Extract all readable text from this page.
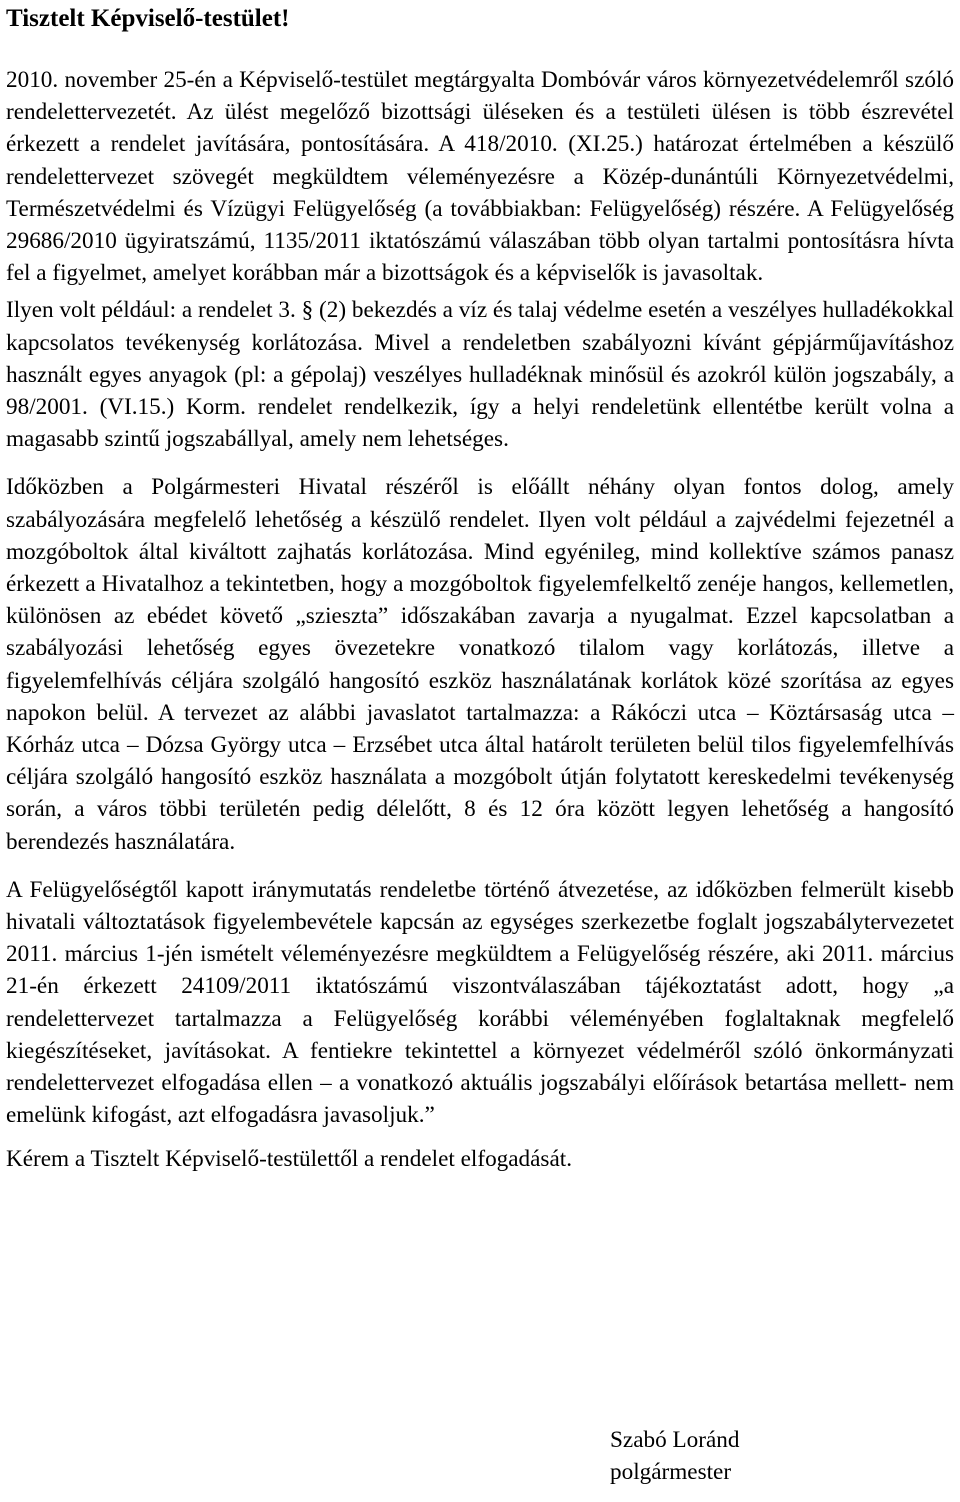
Tisztelt Képviselő-testület!

2010. november 25-én a Képviselő-testület megtárgyalta Dombóvár város környezetvédelemről szóló rendelettervezetét. Az ülést megelőző bizottsági üléseken és a testületi ülésen is több észrevétel érkezett a rendelet javítására, pontosítására. A 418/2010. (XI.25.) határozat értelmében a készülő rendelettervezet szövegét megküldtem véleményezésre a Közép-dunántúli Környezetvédelmi, Természetvédelmi és Vízügyi Felügyelőség (a továbbiakban: Felügyelőség) részére. A Felügyelőség 29686/2010 ügyiratszámú, 1135/2011 iktatószámú válaszában több olyan tartalmi pontosításra hívta fel a figyelmet, amelyet korábban már a bizottságok és a képviselők is javasoltak.

Ilyen volt például: a rendelet 3. § (2) bekezdés a víz és talaj védelme esetén a veszélyes hulladékokkal kapcsolatos tevékenység korlátozása. Mivel a rendeletben szabályozni kívánt gépjárműjavításhoz használt egyes anyagok (pl: a gépolaj) veszélyes hulladéknak minősül és azokról külön jogszabály, a 98/2001. (VI.15.) Korm. rendelet rendelkezik, így a helyi rendeletünk ellentétbe került volna a magasabb szintű jogszabállyal, amely nem lehetséges.

Időközben a Polgármesteri Hivatal részéről is előállt néhány olyan fontos dolog, amely szabályozására megfelelő lehetőség a készülő rendelet. Ilyen volt például a zajvédelmi fejezetnél a mozgóboltok által kiváltott zajhatás korlátozása. Mind egyénileg, mind kollektíve számos panasz érkezett a Hivatalhoz a tekintetben, hogy a mozgóboltok figyelemfelkeltő zenéje hangos, kellemetlen, különösen az ebédet követő „sziesztа” időszakában zavarja a nyugalmat. Ezzel kapcsolatban a szabályozási lehetőség egyes övezetekre vonatkozó tilalom vagy korlátozás, illetve a figyelemfelhívás céljára szolgáló hangosító eszköz használatának korlátok közé szorítása az egyes napokon belül. A tervezet az alábbi javaslatot tartalmazza: a Rákóczi utca – Köztársaság utca – Kórház utca – Dózsa György utca – Erzsébet utca által határolt területen belül tilos figyelemfelhívás céljára szolgáló hangosító eszköz használata a mozgóbolt útján folytatott kereskedelmi tevékenység során, a város többi területén pedig délelőtt, 8 és 12 óra között legyen lehetőség a hangosító berendezés használatára.

A Felügyelőségtől kapott iránymutatás rendeletbe történő átvezetése, az időközben felmerült kisebb hivatali változtatások figyelembevétele kapcsán az egységes szerkezetbe foglalt jogszabálytervezetet 2011. március 1-jén ismételt véleményezésre megküldtem a Felügyelőség részére, aki 2011. március 21-én érkezett 24109/2011 iktatószámú viszontválaszában tájékoztatást adott, hogy „a rendelettervezet tartalmazza a Felügyelőség korábbi véleményében foglaltaknak megfelelő kiegészítéseket, javításokat. A fentiekre tekintettel a környezet védelméről szóló önkormányzati rendelettervezet elfogadása ellen – a vonatkozó aktuális jogszabályi előírások betartása mellett- nem emelünk kifogást, azt elfogadásra javasoljuk.”

Kérem a Tisztelt Képviselő-testülettől a rendelet elfogadását.

Szabó Loránd
polgármester
